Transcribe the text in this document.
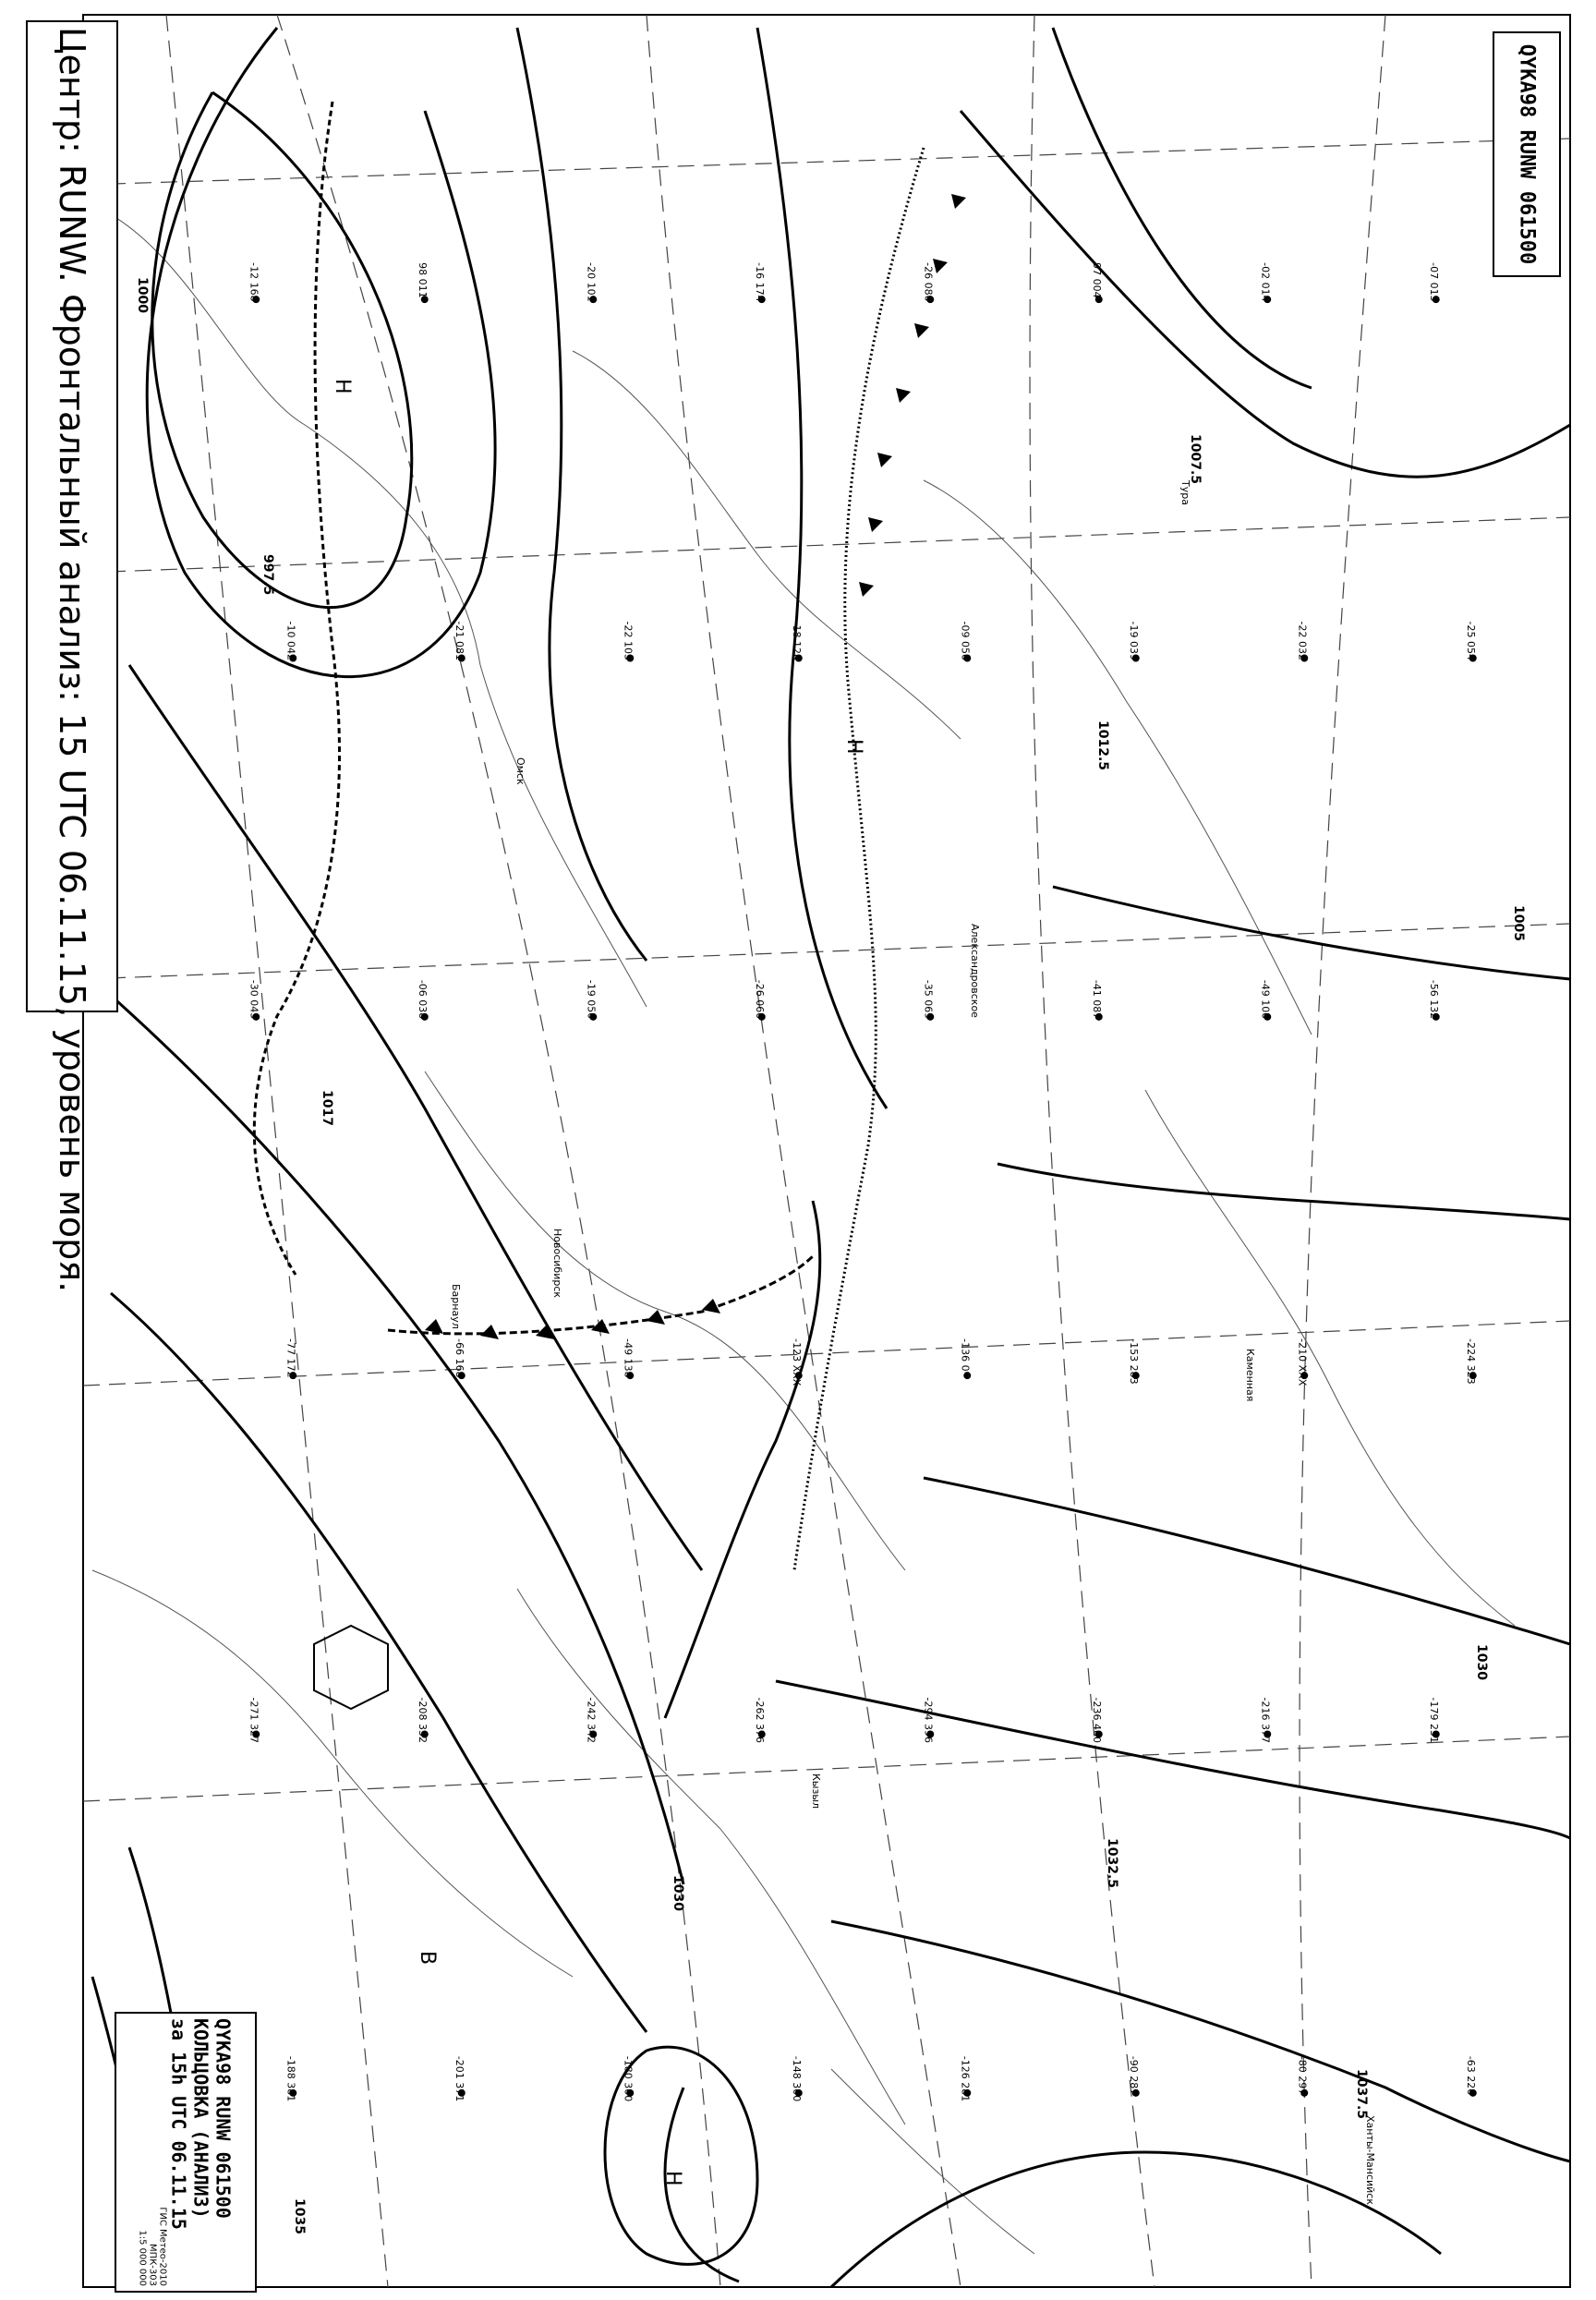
1000
997.5
1007.5
1012.5
1005
1017
1030
1032.5
1035
1037.5
1030
Н
Н
В
Н
Александровское
Новосибирск
Барнаул
Омск
Тура
Каменная
Кызыл
Ханты-Мансийск
-12 168	98 011	-20 101	-16 174	-26 080	97 004	-02 014	-07 015
-10 042	-21 081	-22 103	-18 128	-09 056	-19 039	-22 032	-25 054
-30 043	-06 038	-19 050	-26 060	-35 069	-41 087	-49 100	-56 132
-77 172	-66 168	-49 138	-123 XXX	-136 0	-153 283	-210 XXX	-224 323
-271 327	-208 332	-242 342	-262 376	-294 396	-236 400	-216 377	-179 251
-188 381	-201 371	-180 300	-148 300	-126 281	-90 287	-80 297	-63 226
Центр: RUNW. Фронтальный анализ: 15 UTC 06.11.15, уровень моря.	QYKA98 RUNW 061500
QYKA98 RUNW 061500
КОЛЬЦОВКА (АНАЛИЗ)
за 15h UTC 06.11.15
ГИС Метео-2010
МПК-303
1:5 000 000
